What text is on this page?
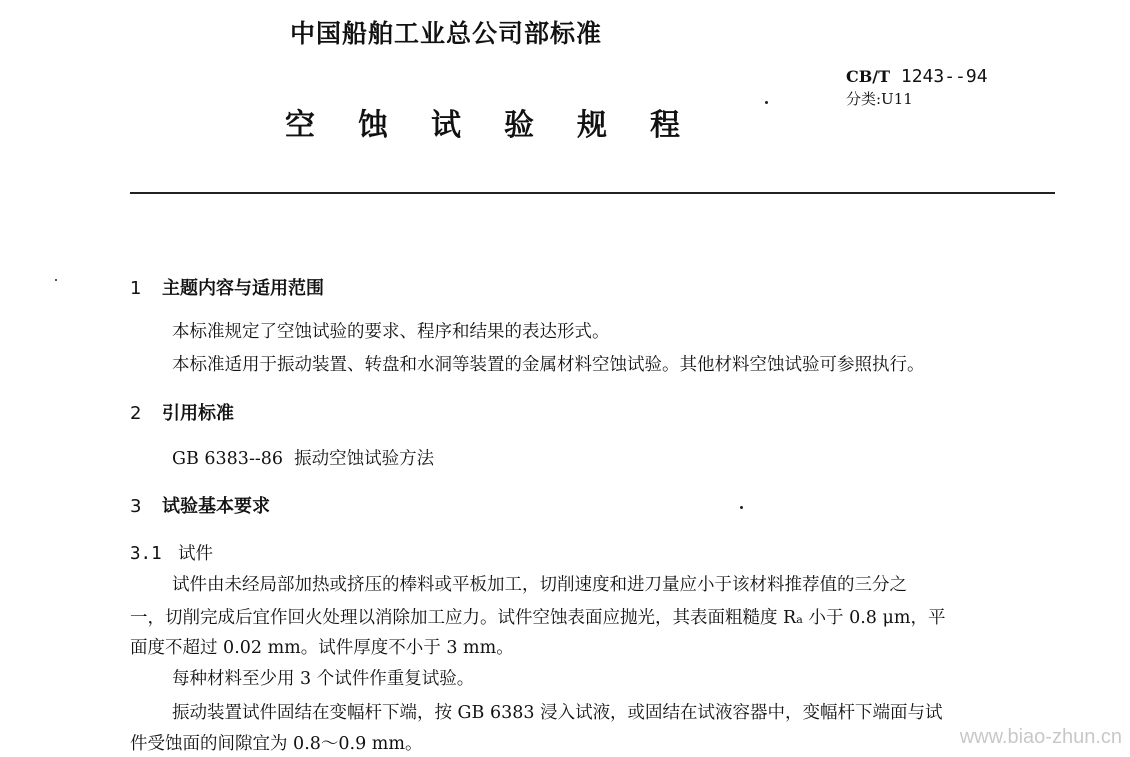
中国船舶工业总公司部标准
CB/T 1243--94
分类:U11
空蚀试验规程
1 主题内容与适用范围
本标准规定了空蚀试验的要求、程序和结果的表达形式。
本标准适用于振动装置、转盘和水洞等装置的金属材料空蚀试验。其他材料空蚀试验可参照执行。
2 引用标准
GB 6383--86  振动空蚀试验方法
3 试验基本要求
3.1 试件
试件由未经局部加热或挤压的棒料或平板加工，切削速度和进刀量应小于该材料推荐值的三分之
一，切削完成后宜作回火处理以消除加工应力。试件空蚀表面应抛光，其表面粗糙度 Rₐ 小于 0.8 μm，平
面度不超过 0.02 mm。试件厚度不小于 3 mm。
每种材料至少用 3 个试件作重复试验。
振动装置试件固结在变幅杆下端，按 GB 6383 浸入试液，或固结在试液容器中，变幅杆下端面与试
件受蚀面的间隙宜为 0.8～0.9 mm。	www.biao-zhun.cn
